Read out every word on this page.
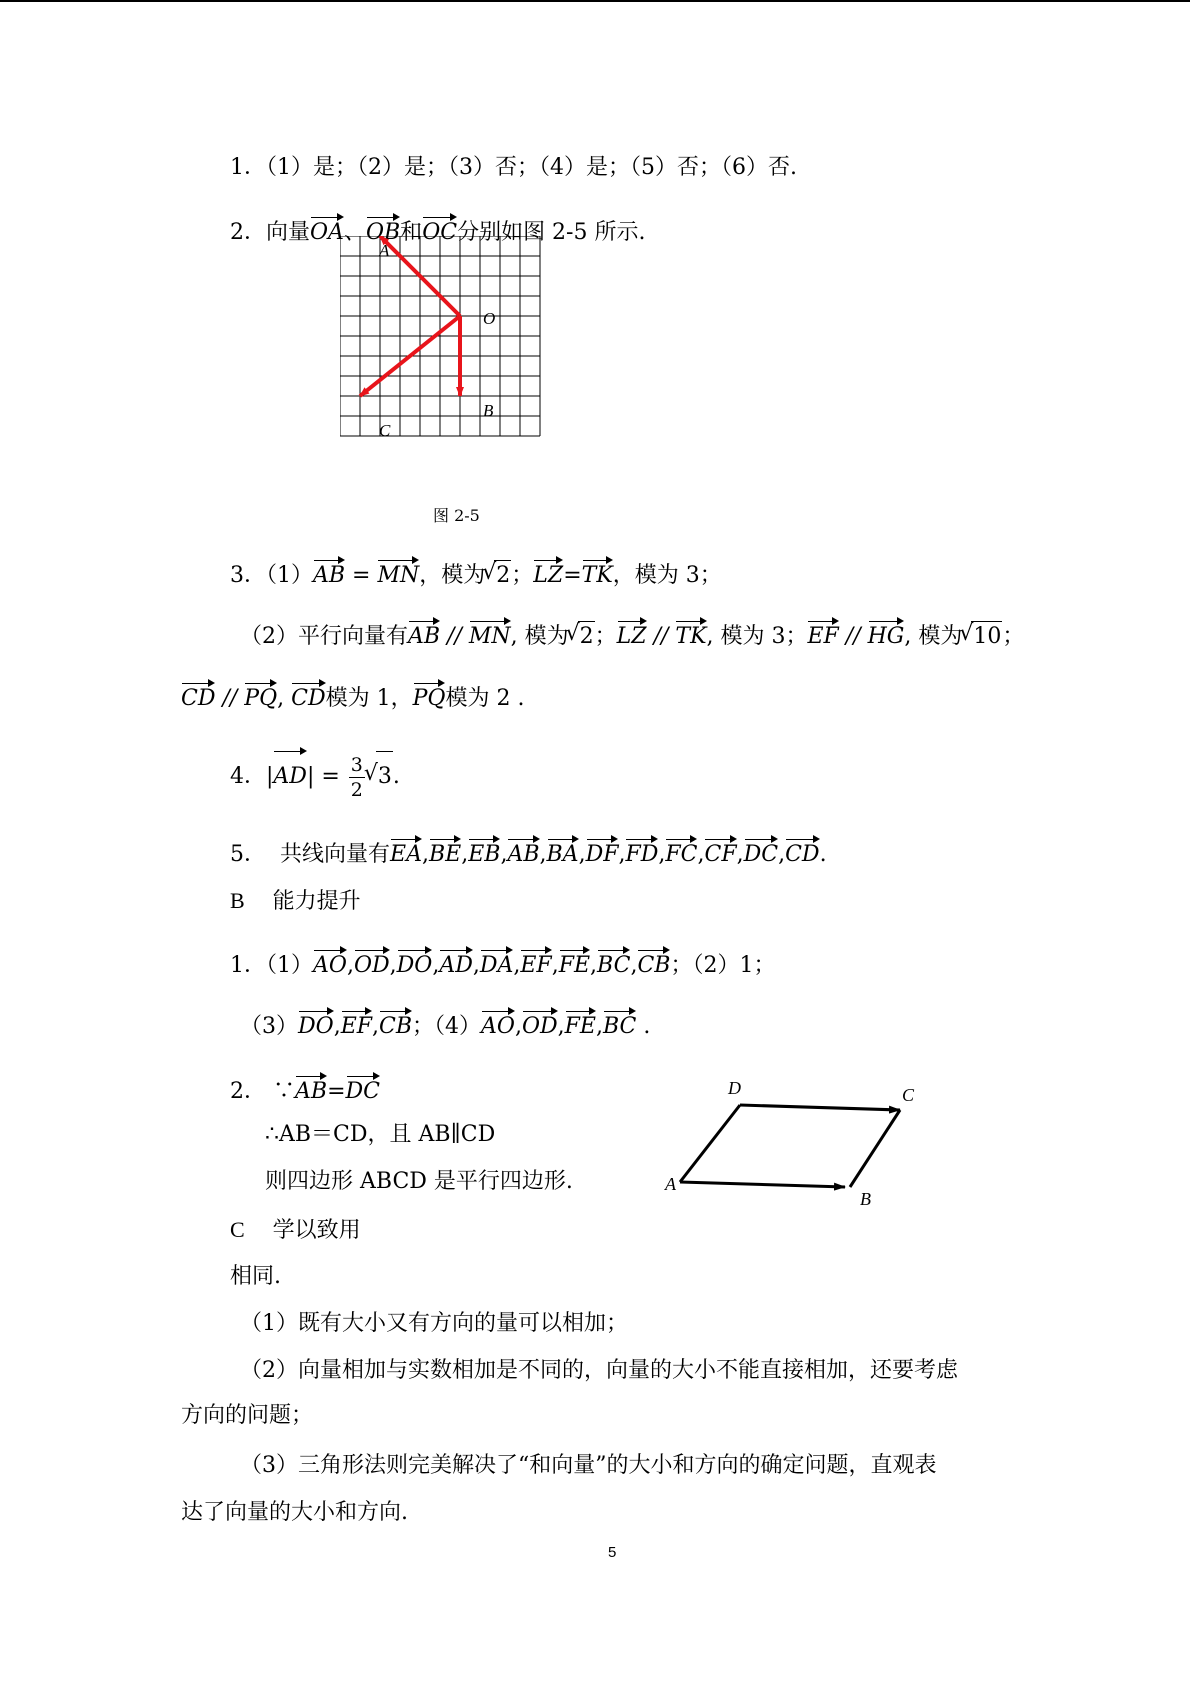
1．（1）是；（2）是；（3）否；（4）是；（5）否；（6）否.
2．向量OA、OB和OC分别如图 2-5 所示.
A
O
B
C
图 2-5
3．（1）AB = MN，模为 √ 2；LZ=TK，模为 3；
（2）平行向量有AB // MN, 模为 √ 2；LZ // TK, 模为 3；EF // HG, 模为 √ 10；
CD // PQ, CD模为 1，PQ模为 2 .
4．$|AD| = \frac{3}{2}$ √ 3.
5． 共线向量有EA,BE,EB,AB,BA,DF,FD,FC,CF,DC,CD.
B 能力提升
1．（1）AO,OD,DO,AD,DA,EF,FE,BC,CB；（2）1；
（3）DO,EF,CB；（4）AO,OD,FE,BC .
2． ∵AB=DC
∴AB＝CD，且 AB∥CD
则四边形 ABCD 是平行四边形.	A
B
C
D
C 学以致用
相同.
（1）既有大小又有方向的量可以相加；
（2）向量相加与实数相加是不同的，向量的大小不能直接相加，还要考虑
方向的问题；
（3）三角形法则完美解决了“和向量”的大小和方向的确定问题，直观表
达了向量的大小和方向.
5
